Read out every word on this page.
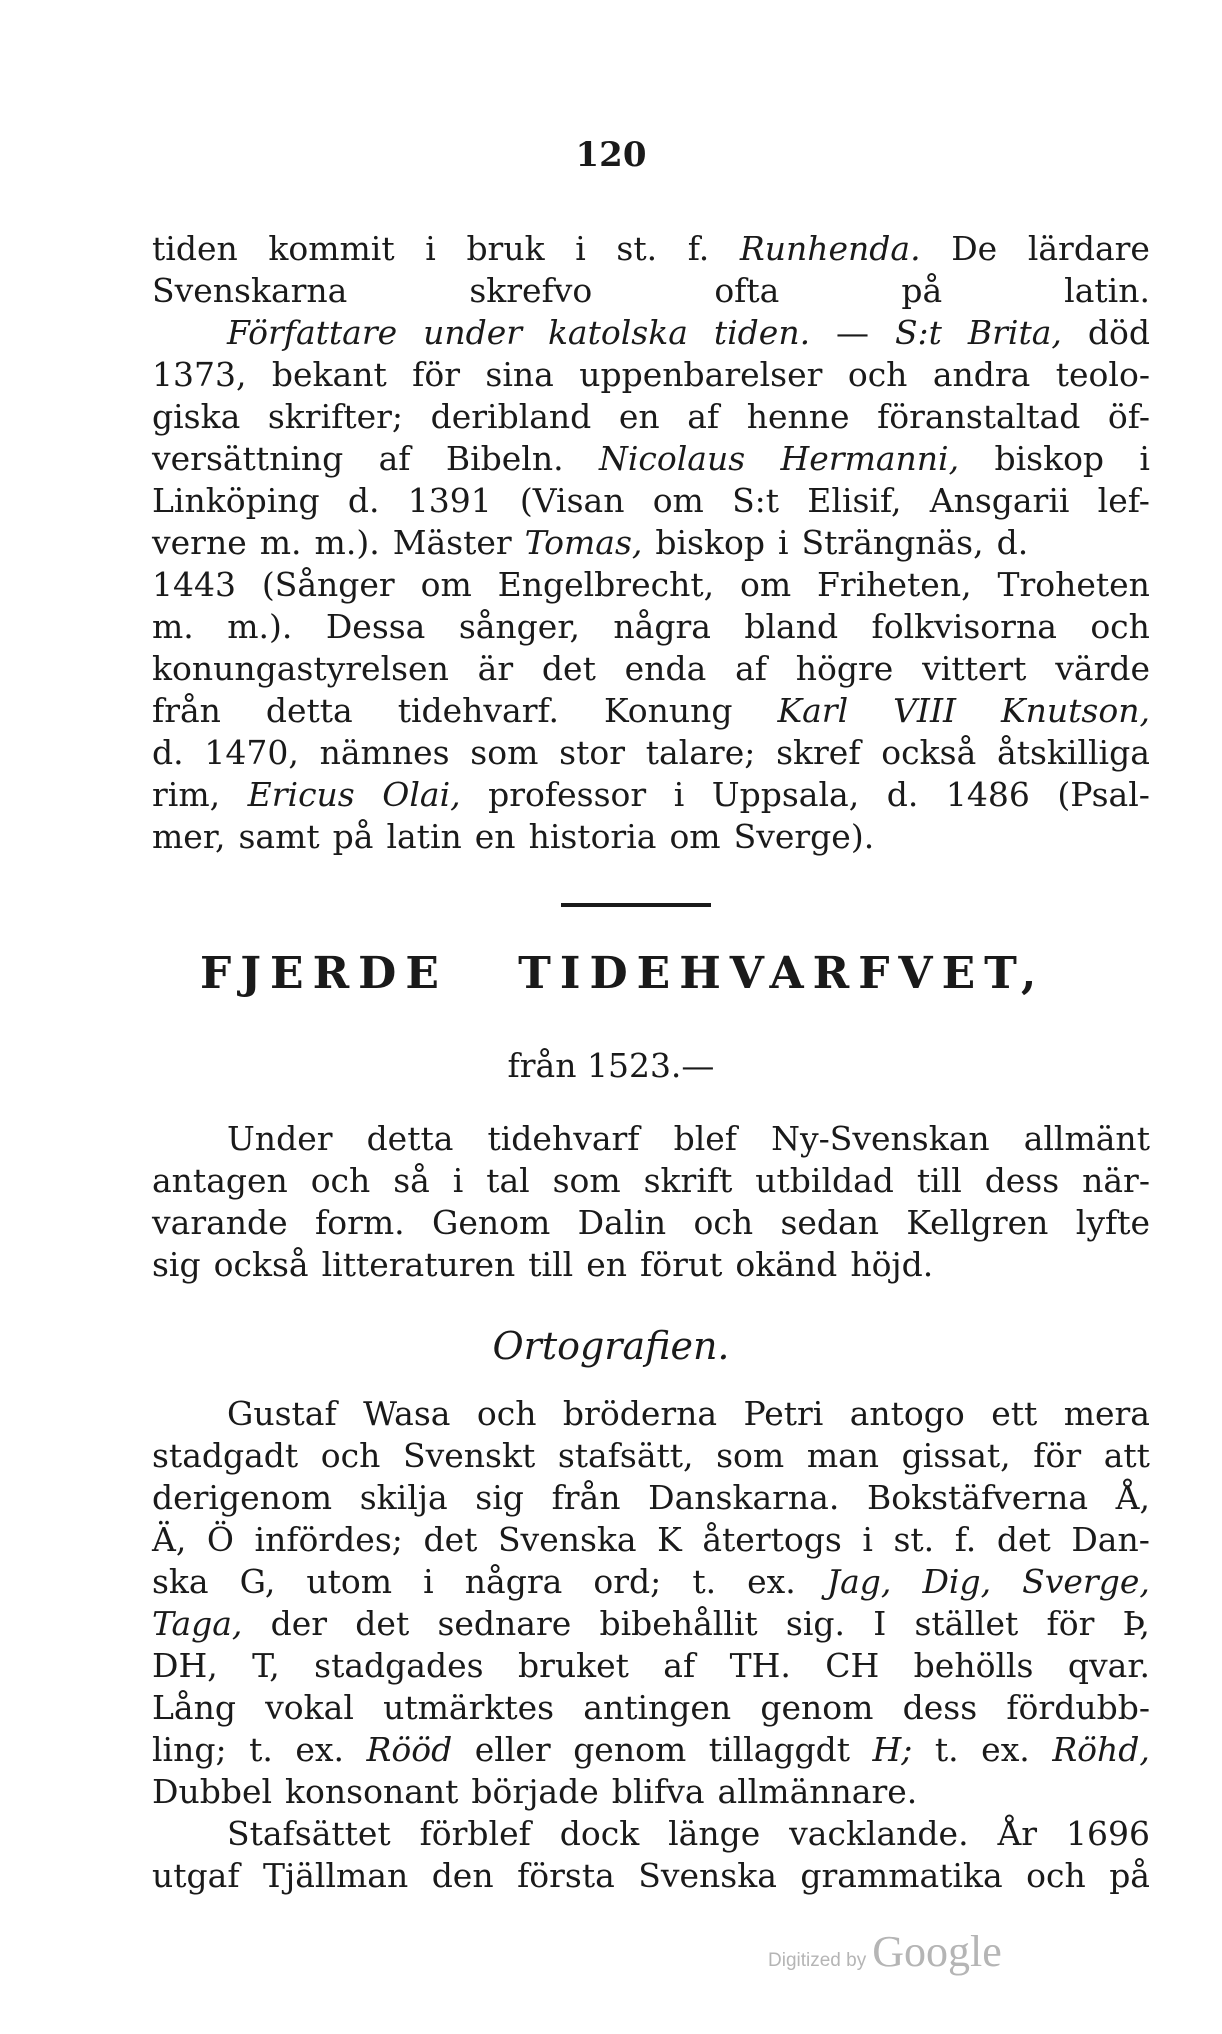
120
tiden kommit i bruk i st. f. Runhenda. De lärdare
Svenskarna	skrefvo	ofta	på	latin.
Författare under katolska tiden. — S:t Brita, död
1373, bekant för sina uppenbarelser och andra teolo-
giska skrifter; deribland en af henne föranstaltad öf-
versättning af Bibeln. Nicolaus Hermanni, biskop i
Linköping d. 1391 (Visan om S:t Elisif, Ansgarii lef-
verne m. m.). Mäster Tomas, biskop i Strängnäs, d.
1443 (Sånger om Engelbrecht, om Friheten, Troheten
m. m.). Dessa sånger, några bland folkvisorna och
konungastyrelsen är det enda af högre vittert värde
från detta tidehvarf. Konung Karl VIII Knutson,
d. 1470, nämnes som stor talare; skref också åtskilliga
rim, Ericus Olai, professor i Uppsala, d. 1486 (Psal-
mer, samt på latin en historia om Sverge).
FJERDE TIDEHVARFVET,
från 1523.—
Under detta tidehvarf blef Ny-Svenskan allmänt
antagen och så i tal som skrift utbildad till dess när-
varande form. Genom Dalin och sedan Kellgren lyfte
sig också litteraturen till en förut okänd höjd.
Ortografien.
Gustaf Wasa och bröderna Petri antogo ett mera
stadgadt och Svenskt stafsätt, som man gissat, för att
derigenom skilja sig från Danskarna. Bokstäfverna Å,
Ä, Ö infördes; det Svenska K återtogs i st. f. det Dan-
ska G, utom i några ord; t. ex. Jag, Dig, Sverge,
Taga, der det sednare bibehållit sig. I stället för Þ,
DH, T, stadgades bruket af TH. CH behölls qvar.
Lång vokal utmärktes antingen genom dess fördubb-
ling; t. ex. Rööd eller genom tillaggdt H; t. ex. Röhd,
Dubbel konsonant började blifva allmännare.
Stafsättet förblef dock länge vacklande. År 1696
utgaf Tjällman den första Svenska grammatika och på
Digitized by Google
